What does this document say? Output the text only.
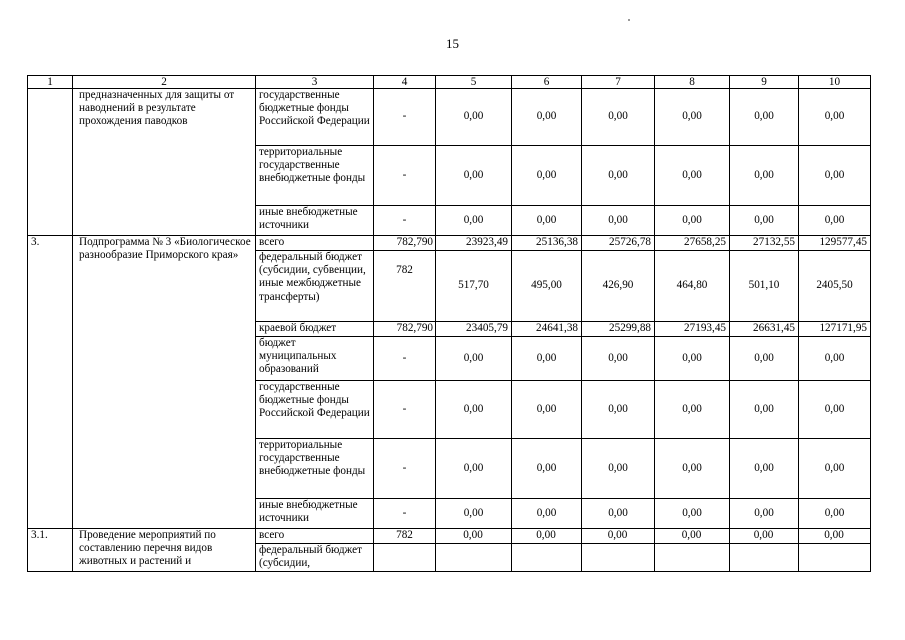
15
1	2	3	4	5	6	7	8	9	10
	предназначенных для защиты от наводнений в результате прохождения паводков	государственные бюджетные фонды Российской Федерации	-	0,00	0,00	0,00	0,00	0,00	0,00
		территориальные государственные внебюджетные фонды	-	0,00	0,00	0,00	0,00	0,00	0,00
		иные внебюджетные источники	-	0,00	0,00	0,00	0,00	0,00	0,00
3.	Подпрограмма № 3 «Биологическое разнообразие Приморского края»	всего	782,790	23923,49	25136,38	25726,78	27658,25	27132,55	129577,45
		федеральный бюджет (субсидии, субвенции, иные межбюджетные трансферты)	782	517,70	495,00	426,90	464,80	501,10	2405,50
		краевой бюджет	782,790	23405,79	24641,38	25299,88	27193,45	26631,45	127171,95
		бюджет муниципальных образований	-	0,00	0,00	0,00	0,00	0,00	0,00
		государственные бюджетные фонды Российской Федерации	-	0,00	0,00	0,00	0,00	0,00	0,00
		территориальные государственные внебюджетные фонды	-	0,00	0,00	0,00	0,00	0,00	0,00
		иные внебюджетные источники	-	0,00	0,00	0,00	0,00	0,00	0,00
3.1.	Проведение мероприятий по составлению перечня видов животных и растений и	всего	782	0,00	0,00	0,00	0,00	0,00	0,00
		федеральный бюджет (субсидии,							
